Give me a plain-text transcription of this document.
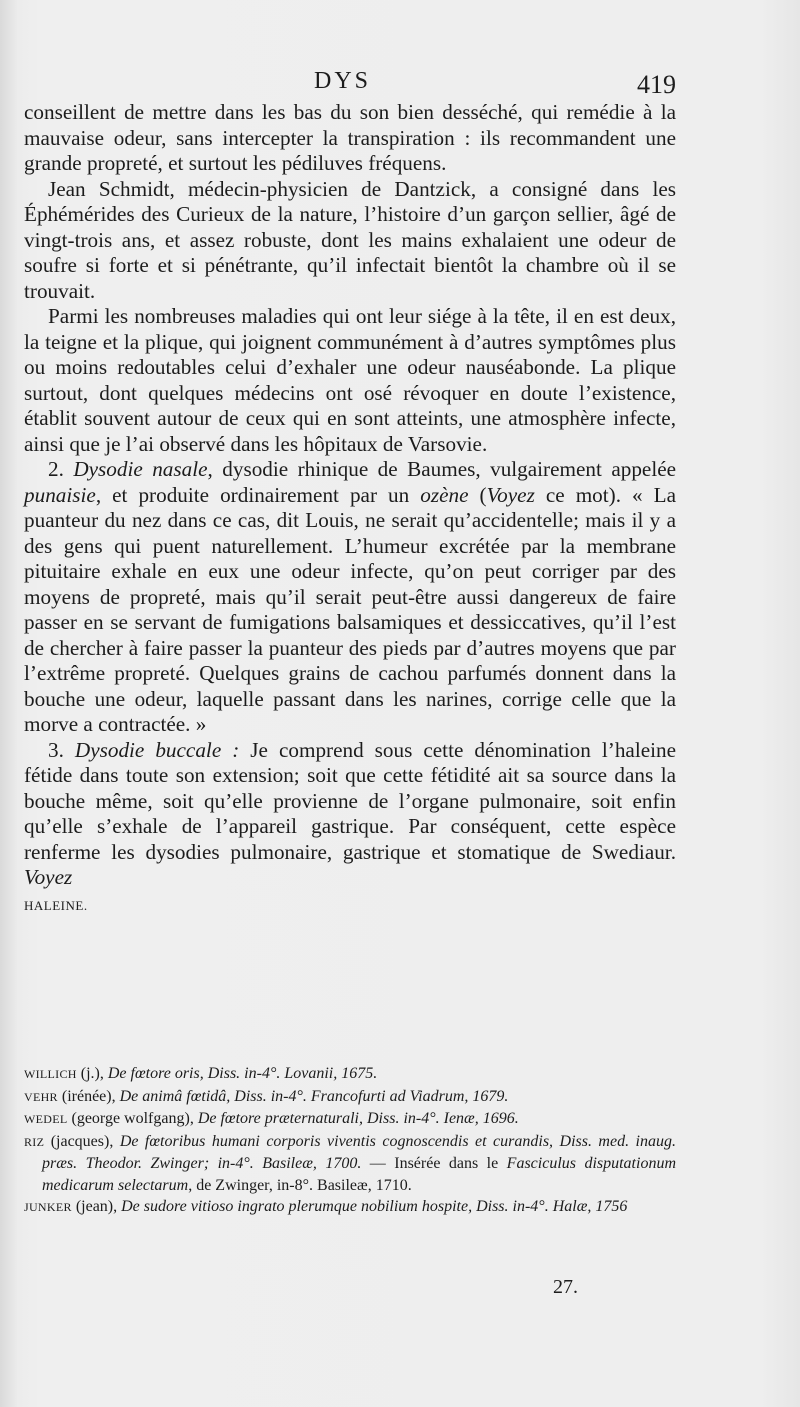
DYS	419

conseillent de mettre dans les bas du son bien desséché, qui remédie à la mauvaise odeur, sans intercepter la transpiration : ils recommandent une grande propreté, et surtout les pédiluves fréquens.

Jean Schmidt, médecin-physicien de Dantzick, a consigné dans les Éphémérides des Curieux de la nature, l’histoire d’un garçon sellier, âgé de vingt-trois ans, et assez robuste, dont les mains exhalaient une odeur de soufre si forte et si pénétrante, qu’il infectait bientôt la chambre où il se trouvait.

Parmi les nombreuses maladies qui ont leur siége à la tête, il en est deux, la teigne et la plique, qui joignent communément à d’autres symptômes plus ou moins redoutables celui d’exhaler une odeur nauséabonde. La plique surtout, dont quelques médecins ont osé révoquer en doute l’existence, établit souvent autour de ceux qui en sont atteints, une atmosphère infecte, ainsi que je l’ai observé dans les hôpitaux de Varsovie.

2. Dysodie nasale, dysodie rhinique de Baumes, vulgairement appelée punaisie, et produite ordinairement par un ozène (Voyez ce mot). « La puanteur du nez dans ce cas, dit Louis, ne serait qu’accidentelle; mais il y a des gens qui puent naturellement. L’humeur excrétée par la membrane pituitaire exhale en eux une odeur infecte, qu’on peut corriger par des moyens de propreté, mais qu’il serait peut-être aussi dangereux de faire passer en se servant de fumigations balsamiques et dessiccatives, qu’il l’est de chercher à faire passer la puanteur des pieds par d’autres moyens que par l’extrême propreté. Quelques grains de cachou parfumés donnent dans la bouche une odeur, laquelle passant dans les narines, corrige celle que la morve a contractée. »

3. Dysodie buccale : Je comprend sous cette dénomination l’haleine fétide dans toute son extension; soit que cette fétidité ait sa source dans la bouche même, soit qu’elle provienne de l’organe pulmonaire, soit enfin qu’elle s’exhale de l’appareil gastrique. Par conséquent, cette espèce renferme les dysodies pulmonaire, gastrique et stomatique de Swediaur. Voyez
HALEINE.

WILLICH (j.), De fœtore oris, Diss. in-4°. Lovanii, 1675.

VEHR (irénée), De animâ fœtidâ, Diss. in-4°. Francofurti ad Viadrum, 1679.

WEDEL (george wolfgang), De fœtore præternaturali, Diss. in-4°. Ienæ, 1696.

RIZ (jacques), De fœtoribus humani corporis viventis cognoscendis et curandis, Diss. med. inaug. præs. Theodor. Zwinger; in-4°. Basileæ, 1700. — Insérée dans le Fasciculus disputationum medicarum selectarum, de Zwinger, in-8°. Basileæ, 1710.

JUNKER (jean), De sudore vitioso ingrato plerumque nobilium hospite, Diss. in-4°. Halæ, 1756

27.
